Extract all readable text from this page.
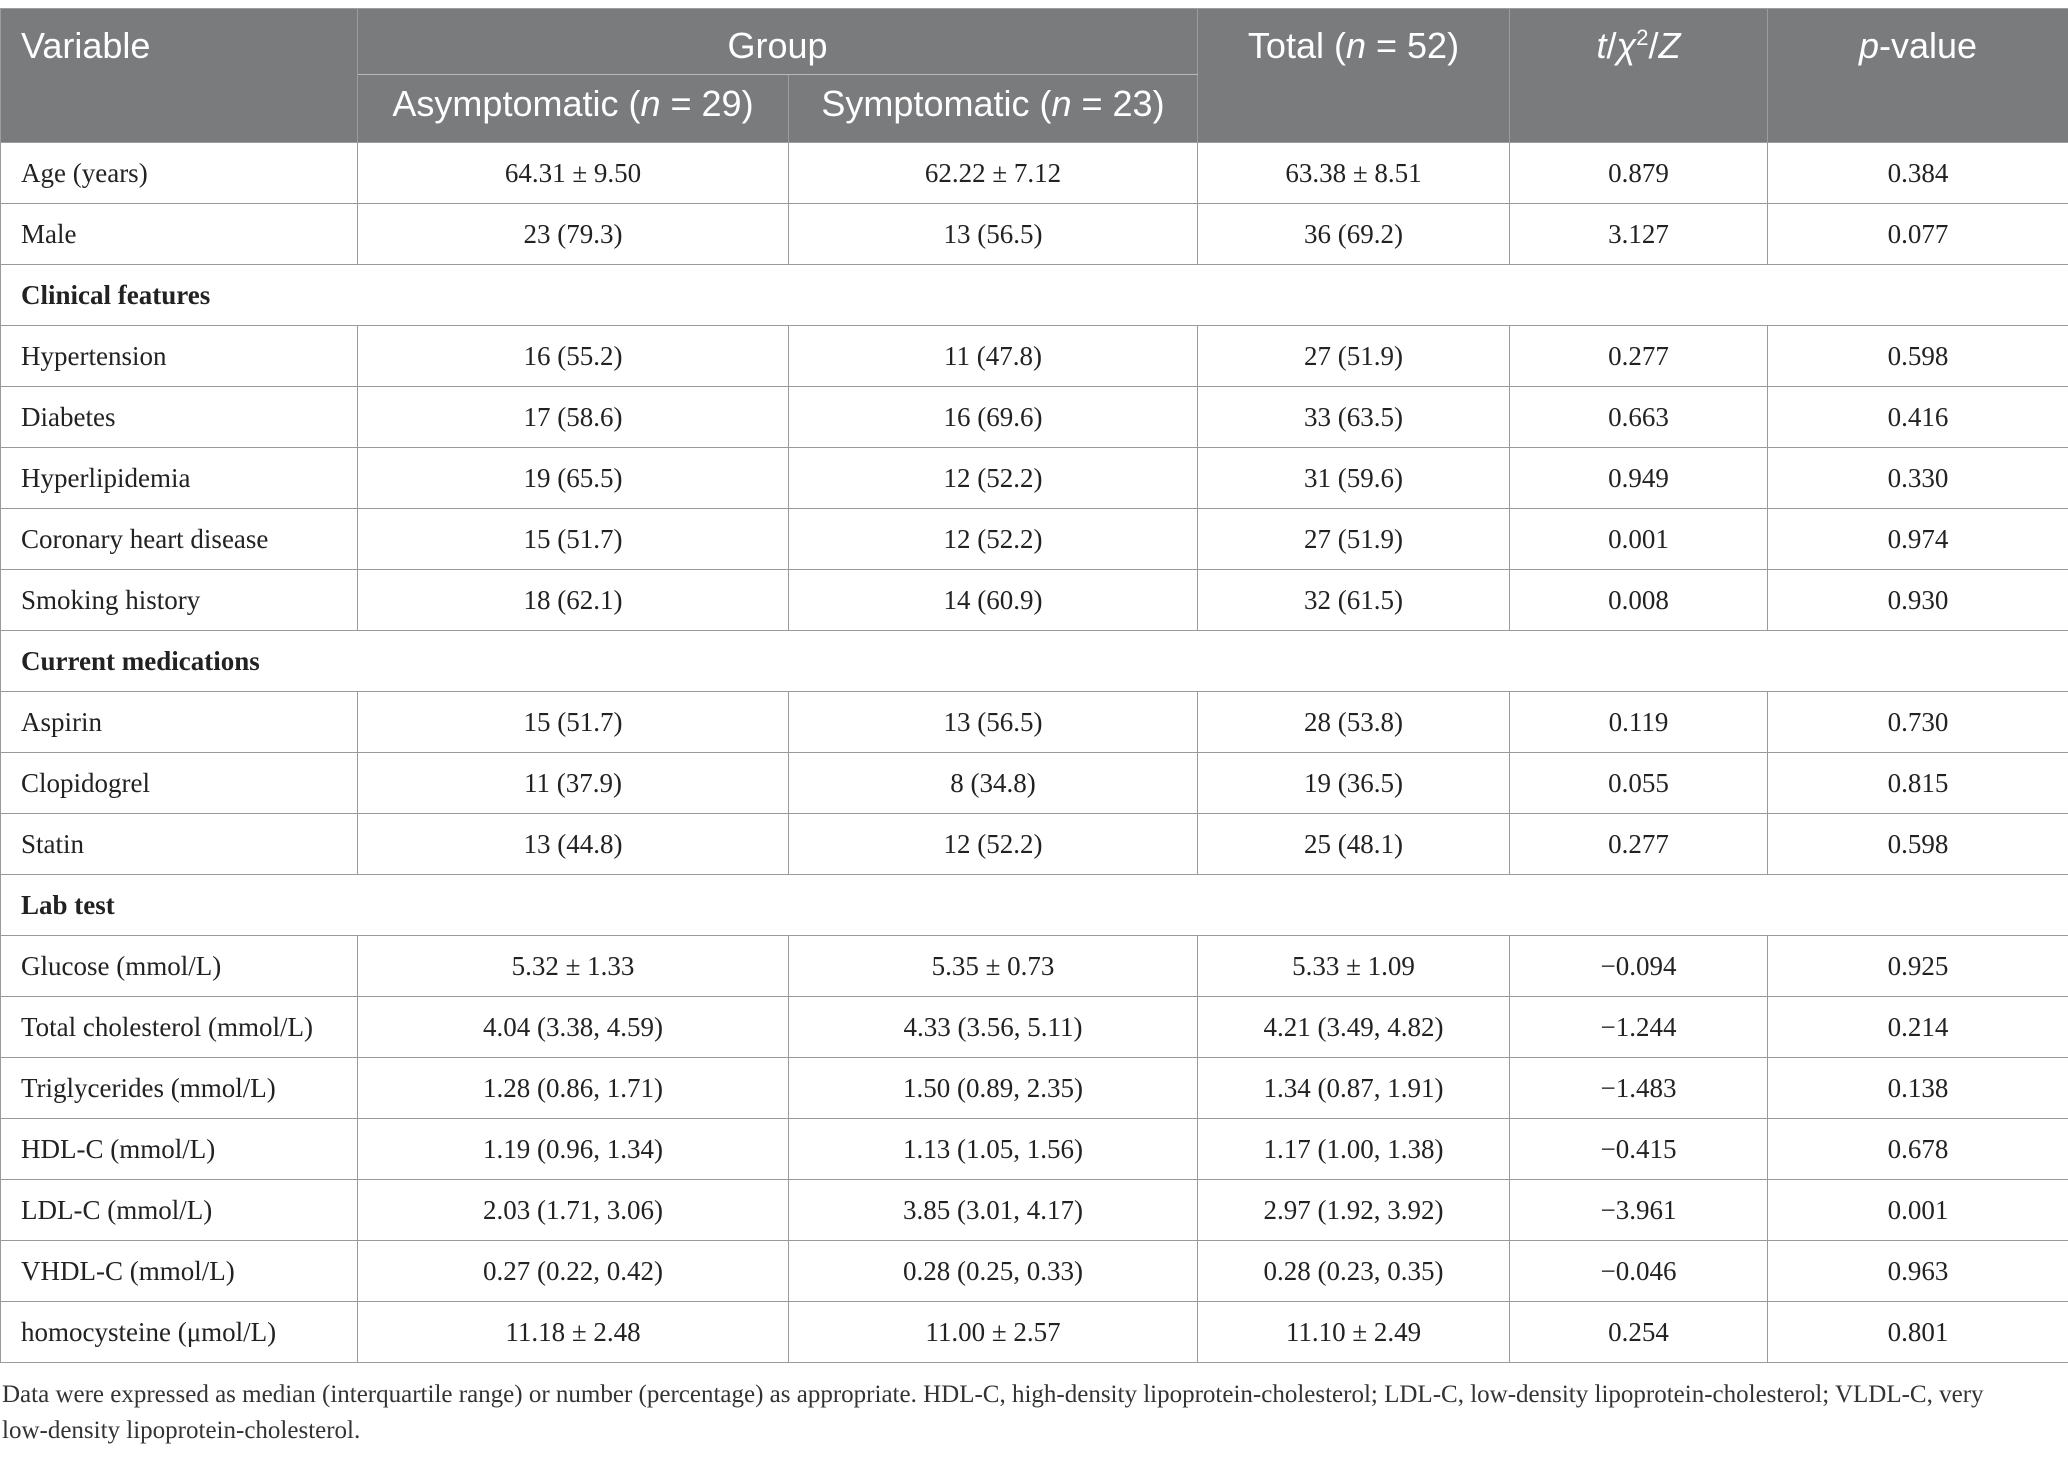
Variable	Group		Total (n = 52)	$t/\chi^2/Z$	p-value
	Asymptomatic (n = 29)	Symptomatic (n = 23)			
Age (years)	64.31 ± 9.50	62.22 ± 7.12	63.38 ± 8.51	0.879	0.384
Male	23 (79.3)	13 (56.5)	36 (69.2)	3.127	0.077
Clinical features					
Hypertension	16 (55.2)	11 (47.8)	27 (51.9)	0.277	0.598
Diabetes	17 (58.6)	16 (69.6)	33 (63.5)	0.663	0.416
Hyperlipidemia	19 (65.5)	12 (52.2)	31 (59.6)	0.949	0.330
Coronary heart disease	15 (51.7)	12 (52.2)	27 (51.9)	0.001	0.974
Smoking history	18 (62.1)	14 (60.9)	32 (61.5)	0.008	0.930
Current medications					
Aspirin	15 (51.7)	13 (56.5)	28 (53.8)	0.119	0.730
Clopidogrel	11 (37.9)	8 (34.8)	19 (36.5)	0.055	0.815
Statin	13 (44.8)	12 (52.2)	25 (48.1)	0.277	0.598
Lab test					
Glucose (mmol/L)	5.32 ± 1.33	5.35 ± 0.73	5.33 ± 1.09	−0.094	0.925
Total cholesterol (mmol/L)	4.04 (3.38, 4.59)	4.33 (3.56, 5.11)	4.21 (3.49, 4.82)	−1.244	0.214
Triglycerides (mmol/L)	1.28 (0.86, 1.71)	1.50 (0.89, 2.35)	1.34 (0.87, 1.91)	−1.483	0.138
HDL-C (mmol/L)	1.19 (0.96, 1.34)	1.13 (1.05, 1.56)	1.17 (1.00, 1.38)	−0.415	0.678
LDL-C (mmol/L)	2.03 (1.71, 3.06)	3.85 (3.01, 4.17)	2.97 (1.92, 3.92)	−3.961	0.001
VHDL-C (mmol/L)	0.27 (0.22, 0.42)	0.28 (0.25, 0.33)	0.28 (0.23, 0.35)	−0.046	0.963
homocysteine (μmol/L)	11.18 ± 2.48	11.00 ± 2.57	11.10 ± 2.49	0.254	0.801

Data were expressed as median (interquartile range) or number (percentage) as appropriate. HDL-C, high-density lipoprotein-cholesterol; LDL-C, low-density lipoprotein-cholesterol; VLDL-C, very low-density lipoprotein-cholesterol.
